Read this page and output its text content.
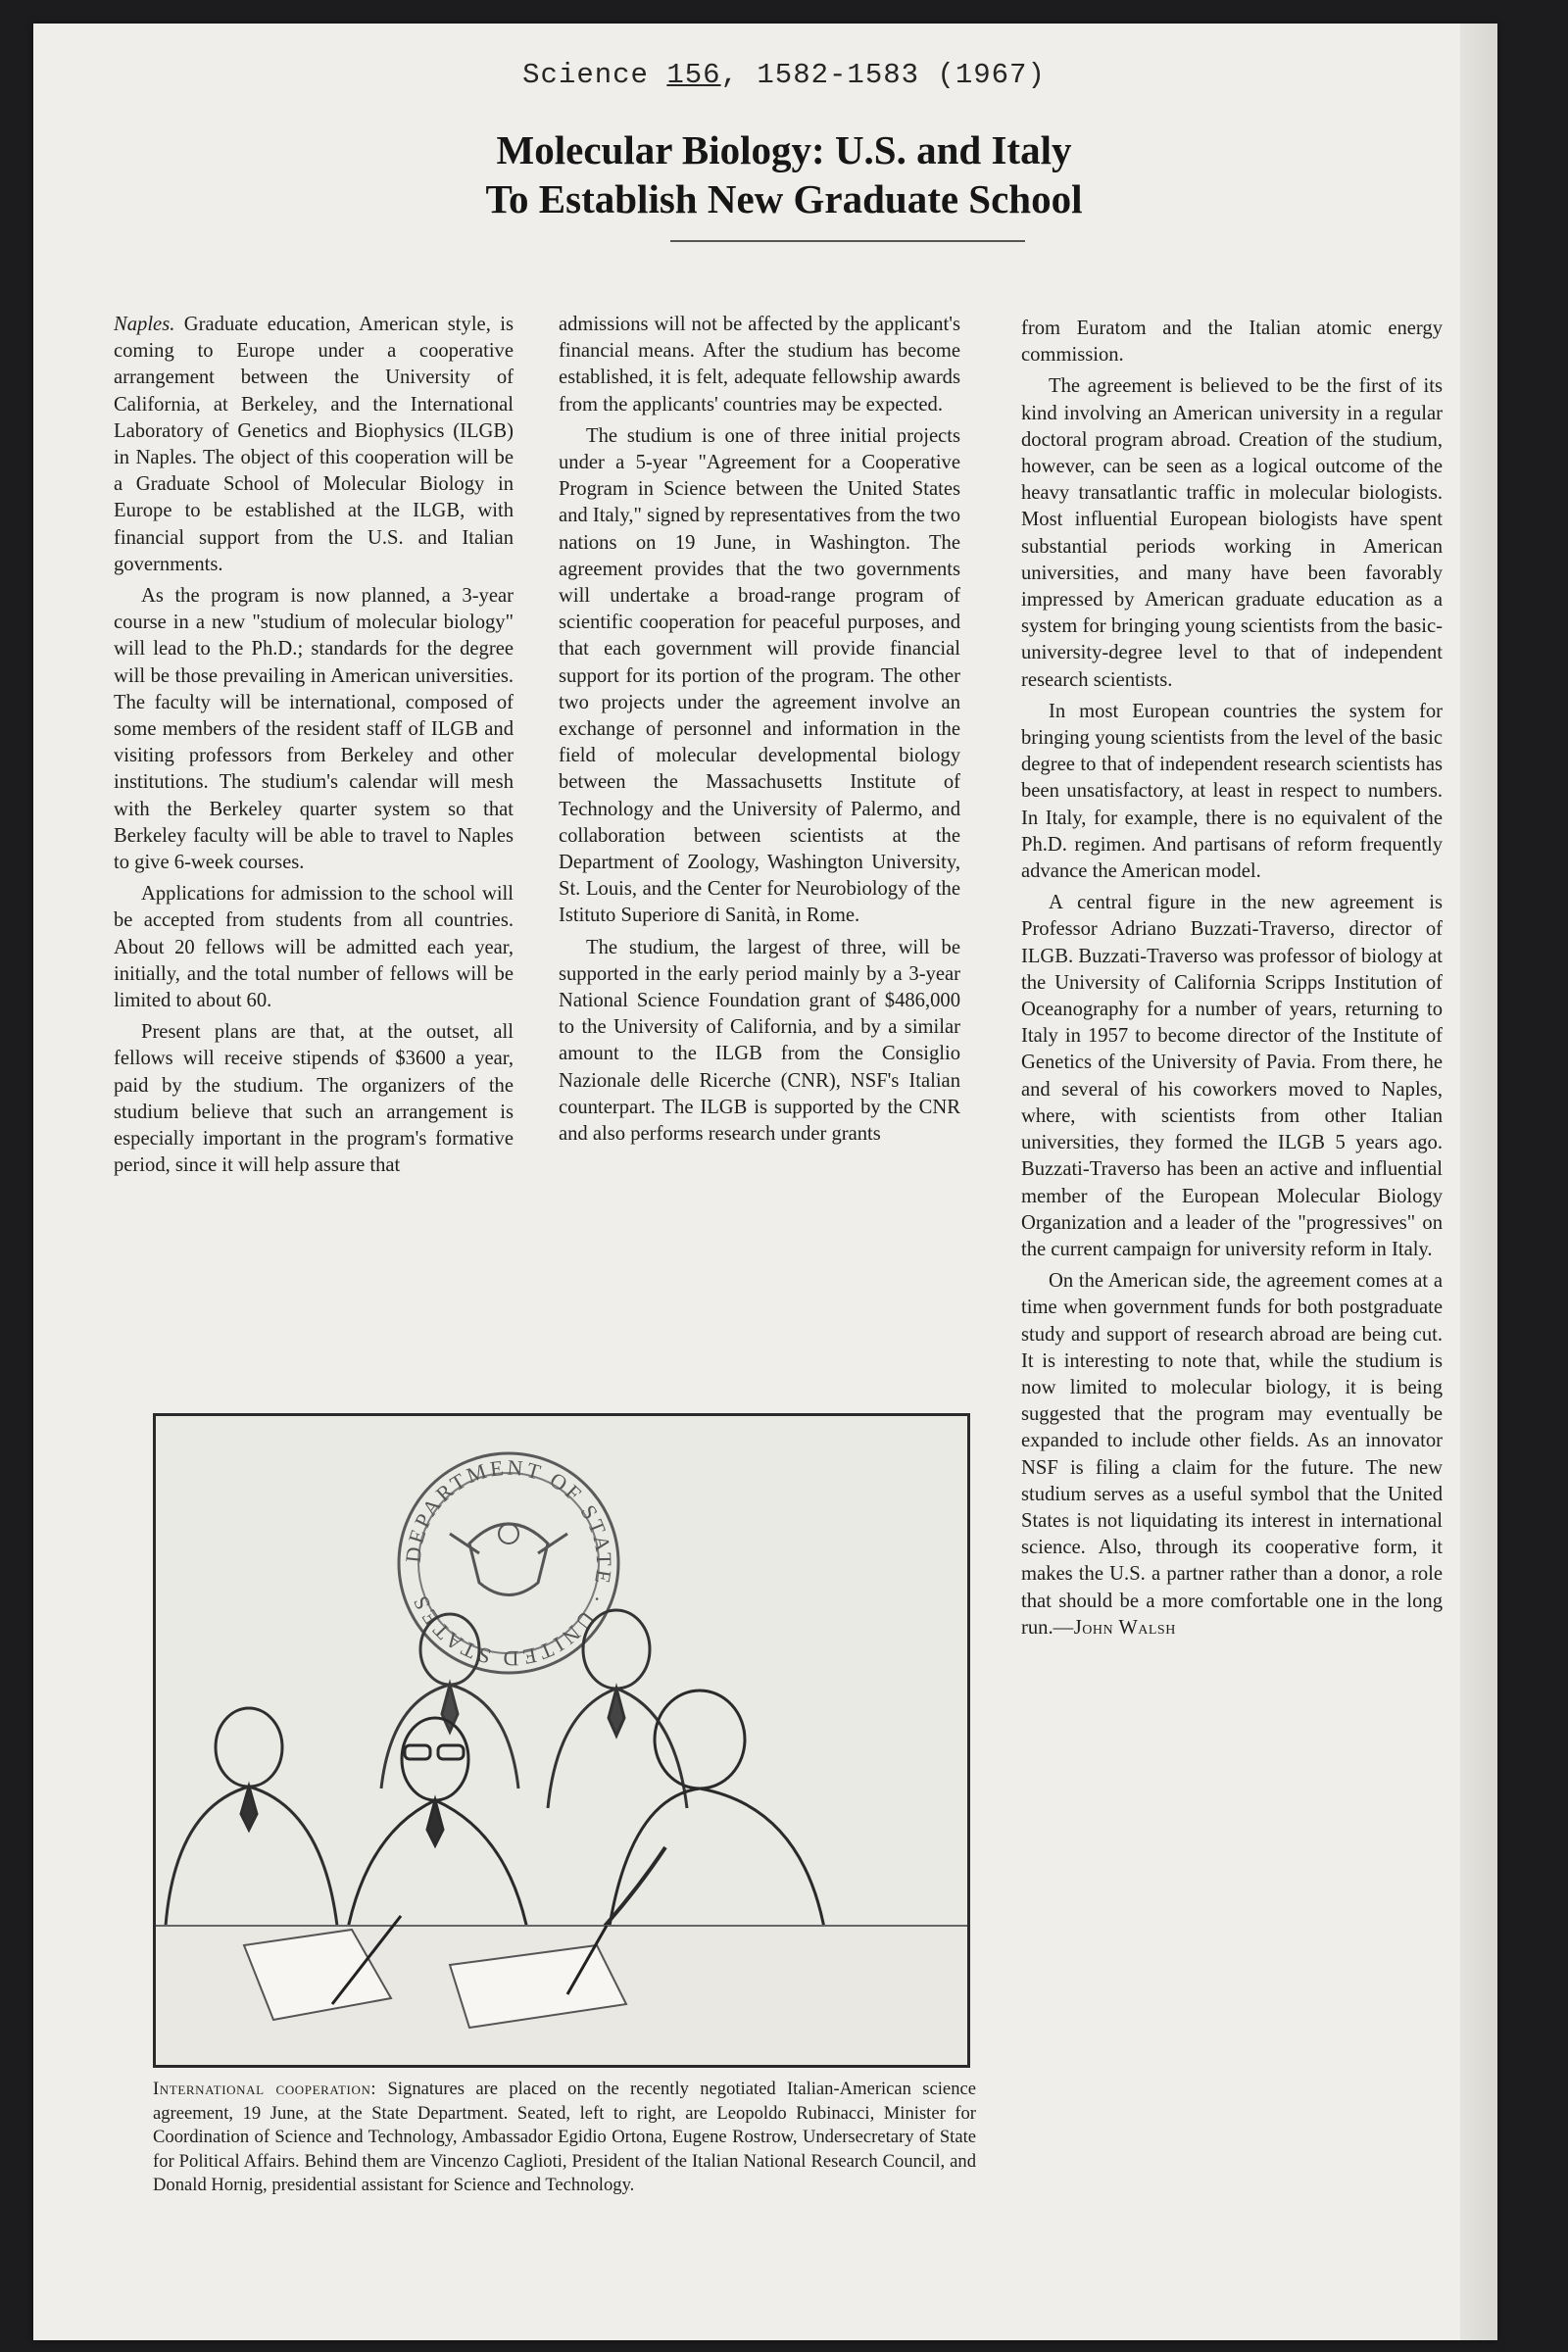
Science 156, 1582-1583 (1967)
Molecular Biology: U.S. and Italy
To Establish New Graduate School

Naples. Graduate education, American style, is coming to Europe under a cooperative arrangement between the University of California, at Berkeley, and the International Laboratory of Genetics and Biophysics (ILGB) in Naples. The object of this cooperation will be a Graduate School of Molecular Biology in Europe to be established at the ILGB, with financial support from the U.S. and Italian governments.

As the program is now planned, a 3-year course in a new "studium of molecular biology" will lead to the Ph.D.; standards for the degree will be those prevailing in American universities. The faculty will be international, composed of some members of the resident staff of ILGB and visiting professors from Berkeley and other institutions. The studium's calendar will mesh with the Berkeley quarter system so that Berkeley faculty will be able to travel to Naples to give 6-week courses.

Applications for admission to the school will be accepted from students from all countries. About 20 fellows will be admitted each year, initially, and the total number of fellows will be limited to about 60.

Present plans are that, at the outset, all fellows will receive stipends of $3600 a year, paid by the studium. The organizers of the studium believe that such an arrangement is especially important in the program's formative period, since it will help assure that

admissions will not be affected by the applicant's financial means. After the studium has become established, it is felt, adequate fellowship awards from the applicants' countries may be expected.

The studium is one of three initial projects under a 5-year "Agreement for a Cooperative Program in Science between the United States and Italy," signed by representatives from the two nations on 19 June, in Washington. The agreement provides that the two governments will undertake a broad-range program of scientific cooperation for peaceful purposes, and that each government will provide financial support for its portion of the program. The other two projects under the agreement involve an exchange of personnel and information in the field of molecular developmental biology between the Massachusetts Institute of Technology and the University of Palermo, and collaboration between scientists at the Department of Zoology, Washington University, St. Louis, and the Center for Neurobiology of the Istituto Superiore di Sanità, in Rome.

The studium, the largest of three, will be supported in the early period mainly by a 3-year National Science Foundation grant of $486,000 to the University of California, and by a similar amount to the ILGB from the Consiglio Nazionale delle Ricerche (CNR), NSF's Italian counterpart. The ILGB is supported by the CNR and also performs research under grants

from Euratom and the Italian atomic energy commission.

The agreement is believed to be the first of its kind involving an American university in a regular doctoral program abroad. Creation of the studium, however, can be seen as a logical outcome of the heavy transatlantic traffic in molecular biologists. Most influential European biologists have spent substantial periods working in American universities, and many have been favorably impressed by American graduate education as a system for bringing young scientists from the basic-university-degree level to that of independent research scientists.

In most European countries the system for bringing young scientists from the level of the basic degree to that of independent research scientists has been unsatisfactory, at least in respect to numbers. In Italy, for example, there is no equivalent of the Ph.D. regimen. And partisans of reform frequently advance the American model.

A central figure in the new agreement is Professor Adriano Buzzati-Traverso, director of ILGB. Buzzati-Traverso was professor of biology at the University of California Scripps Institution of Oceanography for a number of years, returning to Italy in 1957 to become director of the Institute of Genetics of the University of Pavia. From there, he and several of his coworkers moved to Naples, where, with scientists from other Italian universities, they formed the ILGB 5 years ago. Buzzati-Traverso has been an active and influential member of the European Molecular Biology Organization and a leader of the "progressives" on the current campaign for university reform in Italy.

On the American side, the agreement comes at a time when government funds for both postgraduate study and support of research abroad are being cut. It is interesting to note that, while the studium is now limited to molecular biology, it is being suggested that the program may eventually be expanded to include other fields. As an innovator NSF is filing a claim for the future. The new studium serves as a useful symbol that the United States is not liquidating its interest in international science. Also, through its cooperative form, it makes the U.S. a partner rather than a donor, a role that should be a more comfortable one in the long run.—John Walsh

DEPARTMENT OF STATE · UNITED STATES
International cooperation: Signatures are placed on the recently negotiated Italian-American science agreement, 19 June, at the State Department. Seated, left to right, are Leopoldo Rubinacci, Minister for Coordination of Science and Technology, Ambassador Egidio Ortona, Eugene Rostrow, Undersecretary of State for Political Affairs. Behind them are Vincenzo Caglioti, President of the Italian National Research Council, and Donald Hornig, presidential assistant for Science and Technology.
